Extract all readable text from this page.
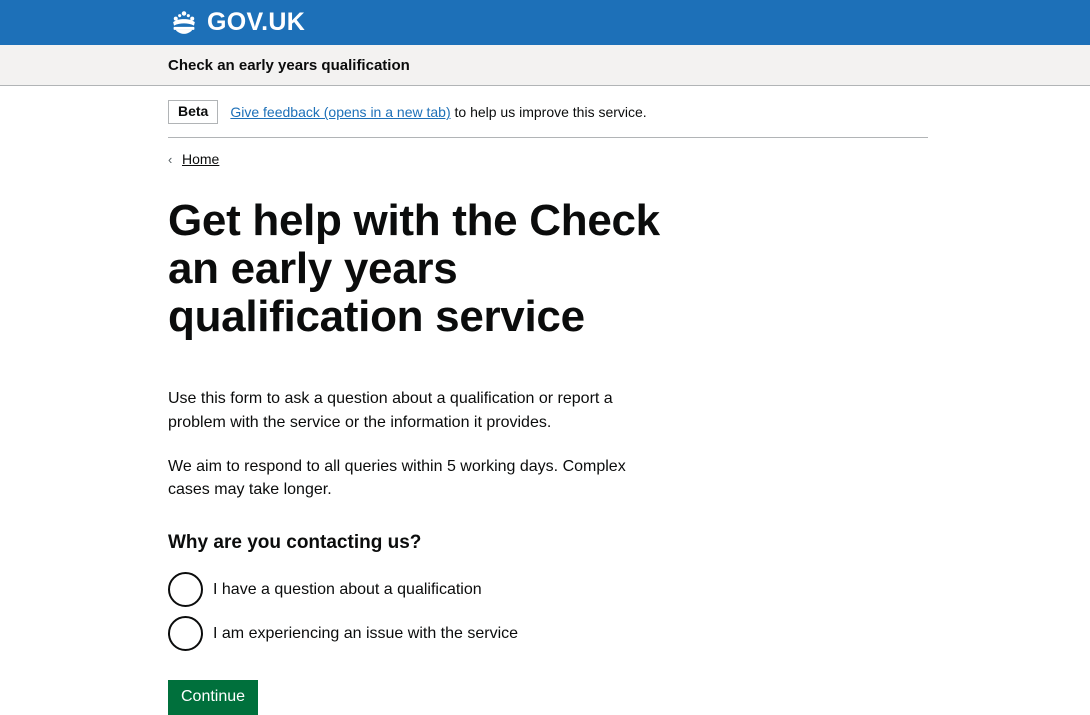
GOV.UK
Check an early years qualification
Beta	Give feedback (opens in a new tab) to help us improve this service.
‹ Home
Get help with the Check an early years qualification service

Use this form to ask a question about a qualification or report a problem with the service or the information it provides.

We aim to respond to all queries within 5 working days. Complex cases may take longer.

Why are you contacting us?
I have a question about a qualification
I am experiencing an issue with the service
Continue
